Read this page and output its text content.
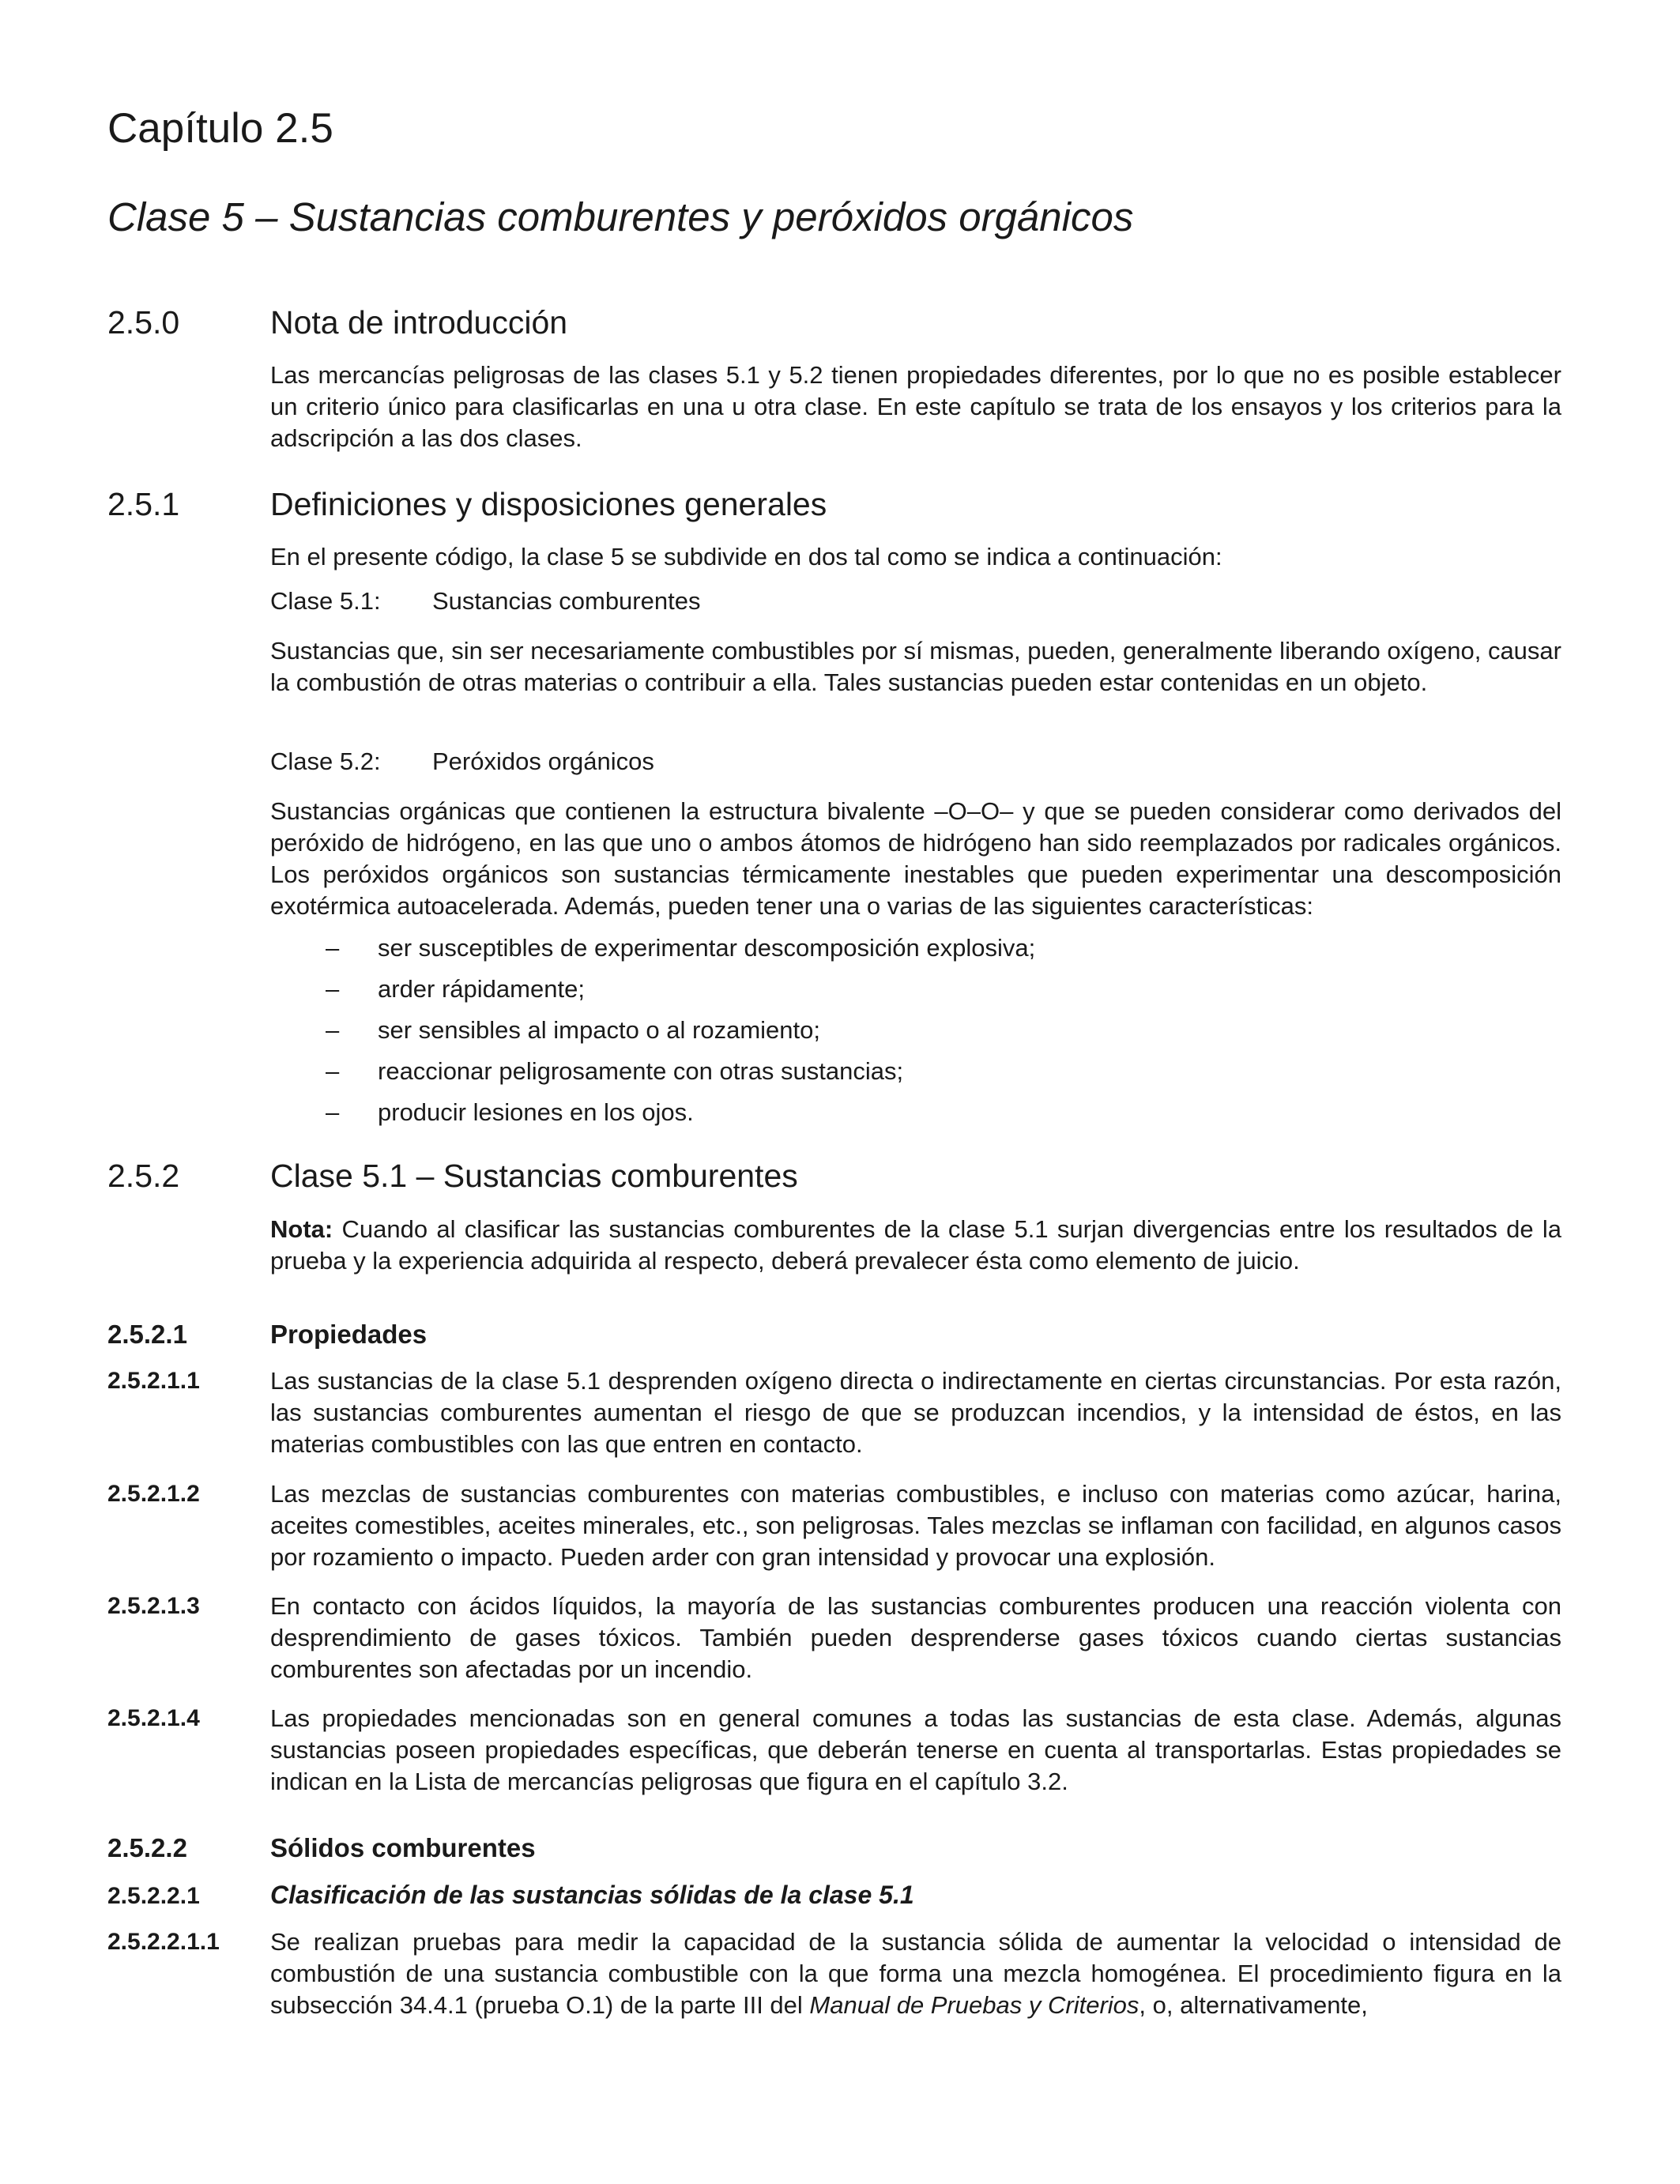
Capítulo 2.5
Clase 5 – Sustancias comburentes y peróxidos orgánicos
2.5.0	Nota de introducción

Las mercancías peligrosas de las clases 5.1 y 5.2 tienen propiedades diferentes, por lo que no es posible establecer un criterio único para clasificarlas en una u otra clase. En este capítulo se trata de los ensayos y los criterios para la adscripción a las dos clases.

2.5.1	Definiciones y disposiciones generales

En el presente código, la clase 5 se subdivide en dos tal como se indica a continuación:

Clase 5.1: Sustancias comburentes

Sustancias que, sin ser necesariamente combustibles por sí mismas, pueden, generalmente liberando oxígeno, causar la combustión de otras materias o contribuir a ella. Tales sustancias pueden estar contenidas en un objeto.

Clase 5.2: Peróxidos orgánicos

Sustancias orgánicas que contienen la estructura bivalente –O–O– y que se pueden considerar como derivados del peróxido de hidrógeno, en las que uno o ambos átomos de hidrógeno han sido reemplazados por radicales orgánicos. Los peróxidos orgánicos son sustancias térmicamente inestables que pueden experimentar una descomposición exotérmica autoacelerada. Además, pueden tener una o varias de las siguientes características:

– ser susceptibles de experimentar descomposición explosiva;
– arder rápidamente;
– ser sensibles al impacto o al rozamiento;
– reaccionar peligrosamente con otras sustancias;
– producir lesiones en los ojos.
2.5.2	Clase 5.1 – Sustancias comburentes

Nota: Cuando al clasificar las sustancias comburentes de la clase 5.1 surjan divergencias entre los resultados de la prueba y la experiencia adquirida al respecto, deberá prevalecer ésta como elemento de juicio.

2.5.2.1	Propiedades
2.5.2.1.1	Las sustancias de la clase 5.1 desprenden oxígeno directa o indirectamente en ciertas circunstancias. Por esta razón, las sustancias comburentes aumentan el riesgo de que se produzcan incendios, y la intensidad de éstos, en las materias combustibles con las que entren en contacto.

2.5.2.1.2	Las mezclas de sustancias comburentes con materias combustibles, e incluso con materias como azúcar, harina, aceites comestibles, aceites minerales, etc., son peligrosas. Tales mezclas se inflaman con facilidad, en algunos casos por rozamiento o impacto. Pueden arder con gran intensidad y provocar una explosión.

2.5.2.1.3	En contacto con ácidos líquidos, la mayoría de las sustancias comburentes producen una reacción violenta con desprendimiento de gases tóxicos. También pueden desprenderse gases tóxicos cuando ciertas sustancias comburentes son afectadas por un incendio.

2.5.2.1.4	Las propiedades mencionadas son en general comunes a todas las sustancias de esta clase. Además, algunas sustancias poseen propiedades específicas, que deberán tenerse en cuenta al transportarlas. Estas propiedades se indican en la Lista de mercancías peligrosas que figura en el capítulo 3.2.

2.5.2.2	Sólidos comburentes
2.5.2.2.1	Clasificación de las sustancias sólidas de la clase 5.1
2.5.2.2.1.1 Se realizan pruebas para medir la capacidad de la sustancia sólida de aumentar la velocidad o intensidad de combustión de una sustancia combustible con la que forma una mezcla homogénea. El procedimiento figura en la subsección 34.4.1 (prueba O.1) de la parte III del Manual de Pruebas y Criterios, o, alternativamente,
